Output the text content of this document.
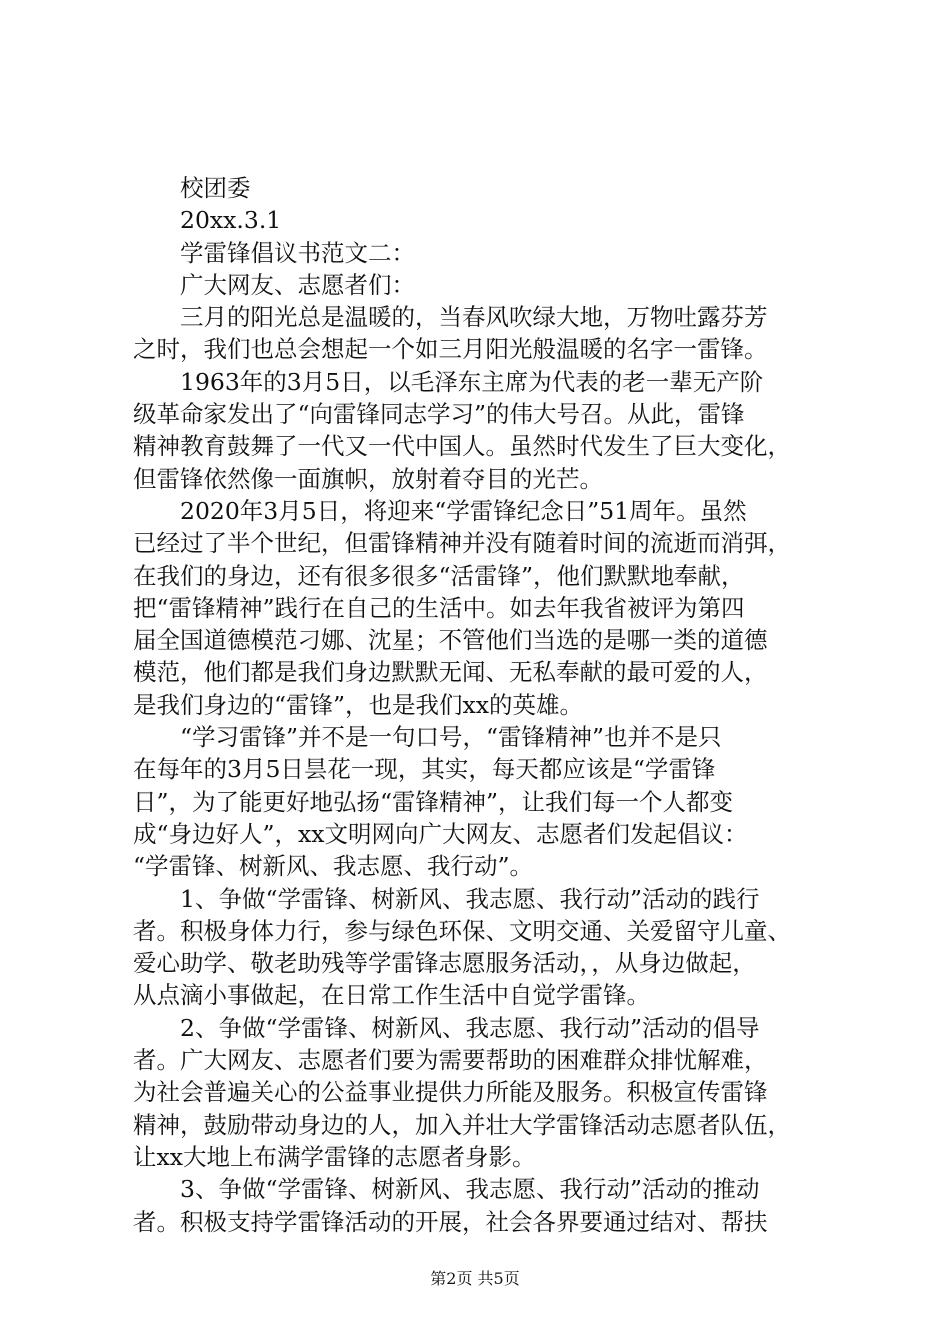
校团委

20xx.3.1

学雷锋倡议书范文二：

广大网友、志愿者们：

三月的阳光总是温暖的，当春风吹绿大地，万物吐露芬芳

之时，我们也总会想起一个如三月阳光般温暖的名字一雷锋。

1963年的3月5日，以毛泽东主席为代表的老一辈无产阶

级革命家发出了“向雷锋同志学习”的伟大号召。从此，雷锋

精神教育鼓舞了一代又一代中国人。虽然时代发生了巨大变化，

但雷锋依然像一面旗帜，放射着夺目的光芒。

2020年3月5日，将迎来“学雷锋纪念日”51周年。虽然

已经过了半个世纪，但雷锋精神并没有随着时间的流逝而消弭，

在我们的身边，还有很多很多“活雷锋”，他们默默地奉献，

把“雷锋精神”践行在自己的生活中。如去年我省被评为第四

届全国道德模范刁娜、沈星；不管他们当选的是哪一类的道德

模范，他们都是我们身边默默无闻、无私奉献的最可爱的人，

是我们身边的“雷锋”，也是我们xx的英雄。

“学习雷锋”并不是一句口号，“雷锋精神”也并不是只

在每年的3月5日昙花一现，其实，每天都应该是“学雷锋

日”，为了能更好地弘扬“雷锋精神”，让我们每一个人都变

成“身边好人”，xx文明网向广大网友、志愿者们发起倡议：

“学雷锋、树新风、我志愿、我行动”。

1、争做“学雷锋、树新风、我志愿、我行动”活动的践行

者。积极身体力行，参与绿色环保、文明交通、关爱留守儿童、

爱心助学、敬老助残等学雷锋志愿服务活动，，从身边做起，

从点滴小事做起，在日常工作生活中自觉学雷锋。

2、争做“学雷锋、树新风、我志愿、我行动”活动的倡导

者。广大网友、志愿者们要为需要帮助的困难群众排忧解难，

为社会普遍关心的公益事业提供力所能及服务。积极宣传雷锋

精神，鼓励带动身边的人，加入并壮大学雷锋活动志愿者队伍，

让xx大地上布满学雷锋的志愿者身影。

3、争做“学雷锋、树新风、我志愿、我行动”活动的推动

者。积极支持学雷锋活动的开展，社会各界要通过结对、帮扶

第2页 共5页
